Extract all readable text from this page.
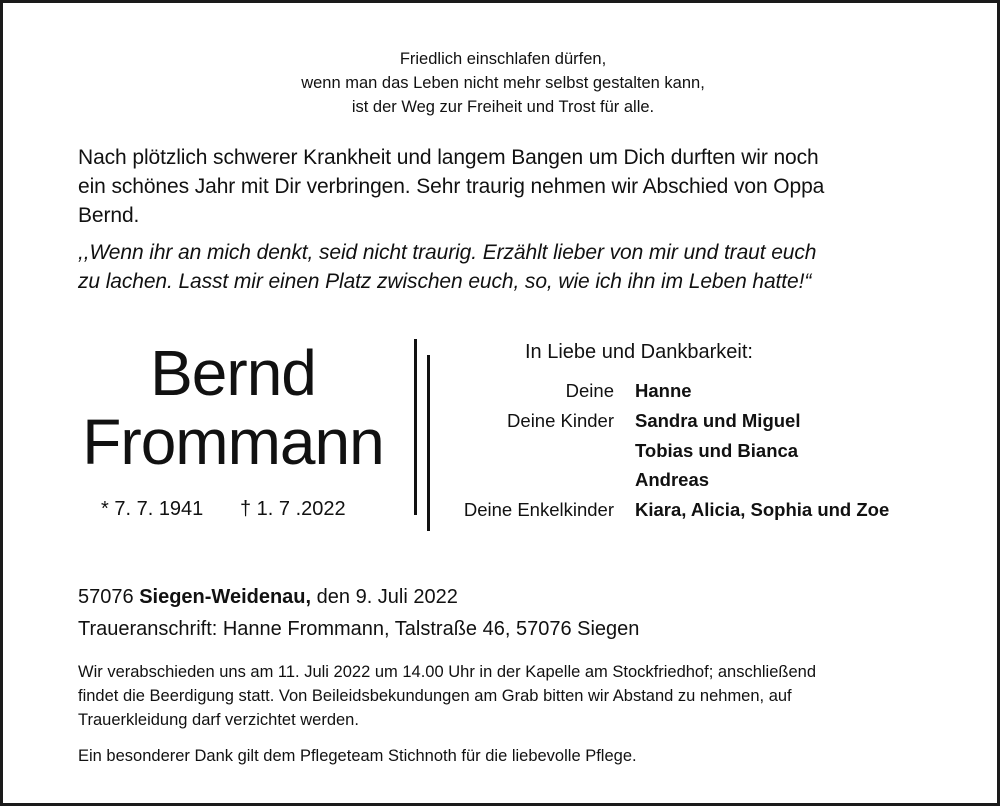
Friedlich einschlafen dürfen,
wenn man das Leben nicht mehr selbst gestalten kann,
ist der Weg zur Freiheit und Trost für alle.
Nach plötzlich schwerer Krankheit und langem Bangen um Dich durften wir noch
ein schönes Jahr mit Dir verbringen. Sehr traurig nehmen wir Abschied von Oppa
Bernd.
,,Wenn ihr an mich denkt, seid nicht traurig. Erzählt lieber von mir und traut euch
zu lachen. Lasst mir einen Platz zwischen euch, so, wie ich ihn im Leben hatte!“
Bernd
Frommann
* 7. 7. 1941 † 1. 7 .2022
In Liebe und Dankbarkeit:
Deine Hanne
Deine Kinder Sandra und Miguel
Tobias und Bianca
Andreas
Deine Enkelkinder Kiara, Alicia, Sophia und Zoe
57076 Siegen-Weidenau, den 9. Juli 2022
Traueranschrift: Hanne Frommann, Talstraße 46, 57076 Siegen
Wir verabschieden uns am 11. Juli 2022 um 14.00 Uhr in der Kapelle am Stockfriedhof; anschließend
findet die Beerdigung statt. Von Beileidsbekundungen am Grab bitten wir Abstand zu nehmen, auf
Trauerkleidung darf verzichtet werden.
Ein besonderer Dank gilt dem Pflegeteam Stichnoth für die liebevolle Pflege.
